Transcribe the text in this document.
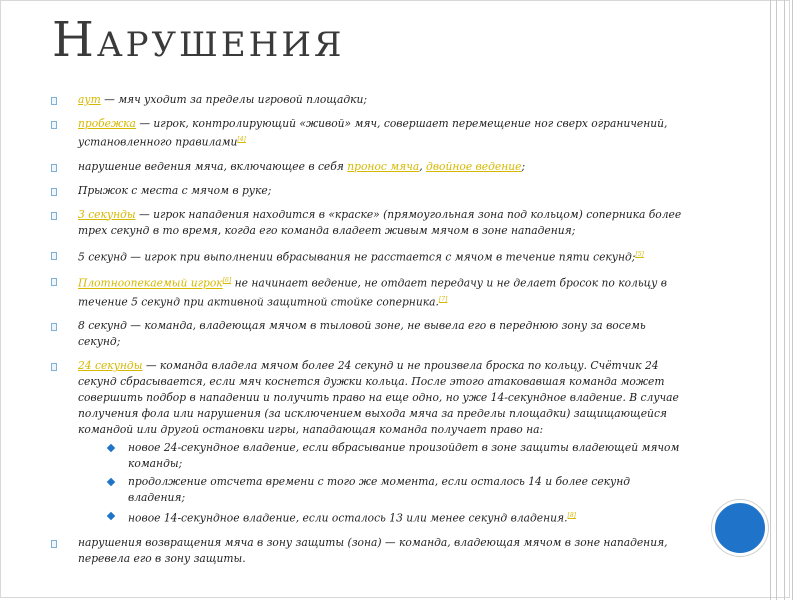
Нарушения
аут — мяч уходит за пределы игровой площадки;
пробежка — игрок, контролирующий «живой» мяч, совершает перемещение ног сверх ограничений, установленного правилами[4]
нарушение ведения мяча, включающее в себя пронос мяча, двойное ведение;
Прыжок с места с мячом в руке;
3 секунды — игрок нападения находится в «краске» (прямоугольная зона под кольцом) соперника более трех секунд в то время, когда его команда владеет живым мячом в зоне нападения;
5 секунд — игрок при выполнении вбрасывания не расстается с мячом в течение пяти секунд;[5]
Плотноопекаемый игрок[6] не начинает ведение, не отдает передачу и не делает бросок по кольцу в течение 5 секунд при активной защитной стойке соперника.[7]
8 секунд — команда, владеющая мячом в тыловой зоне, не вывела его в переднюю зону за восемь секунд;
24 секунды — команда владела мячом более 24 секунд и не произвела броска по кольцу. Счётчик 24 секунд сбрасывается, если мяч коснется дужки кольца. После этого атаковавшая команда может совершить подбор в нападении и получить право на еще одно, но уже 14-секундное владение. В случае получения фола или нарушения (за исключением выхода мяча за пределы площадки) защищающейся командой или другой остановки игры, нападающая команда получает право на:
новое 24-секундное владение, если вбрасывание произойдет в зоне защиты владеющей мячом команды;
продолжение отсчета времени с того же момента, если осталось 14 и более секунд владения;
новое 14-секундное владение, если осталось 13 или менее секунд владения.[8]
нарушения возвращения мяча в зону защиты (зона) — команда, владеющая мячом в зоне нападения, перевела его в зону защиты.
